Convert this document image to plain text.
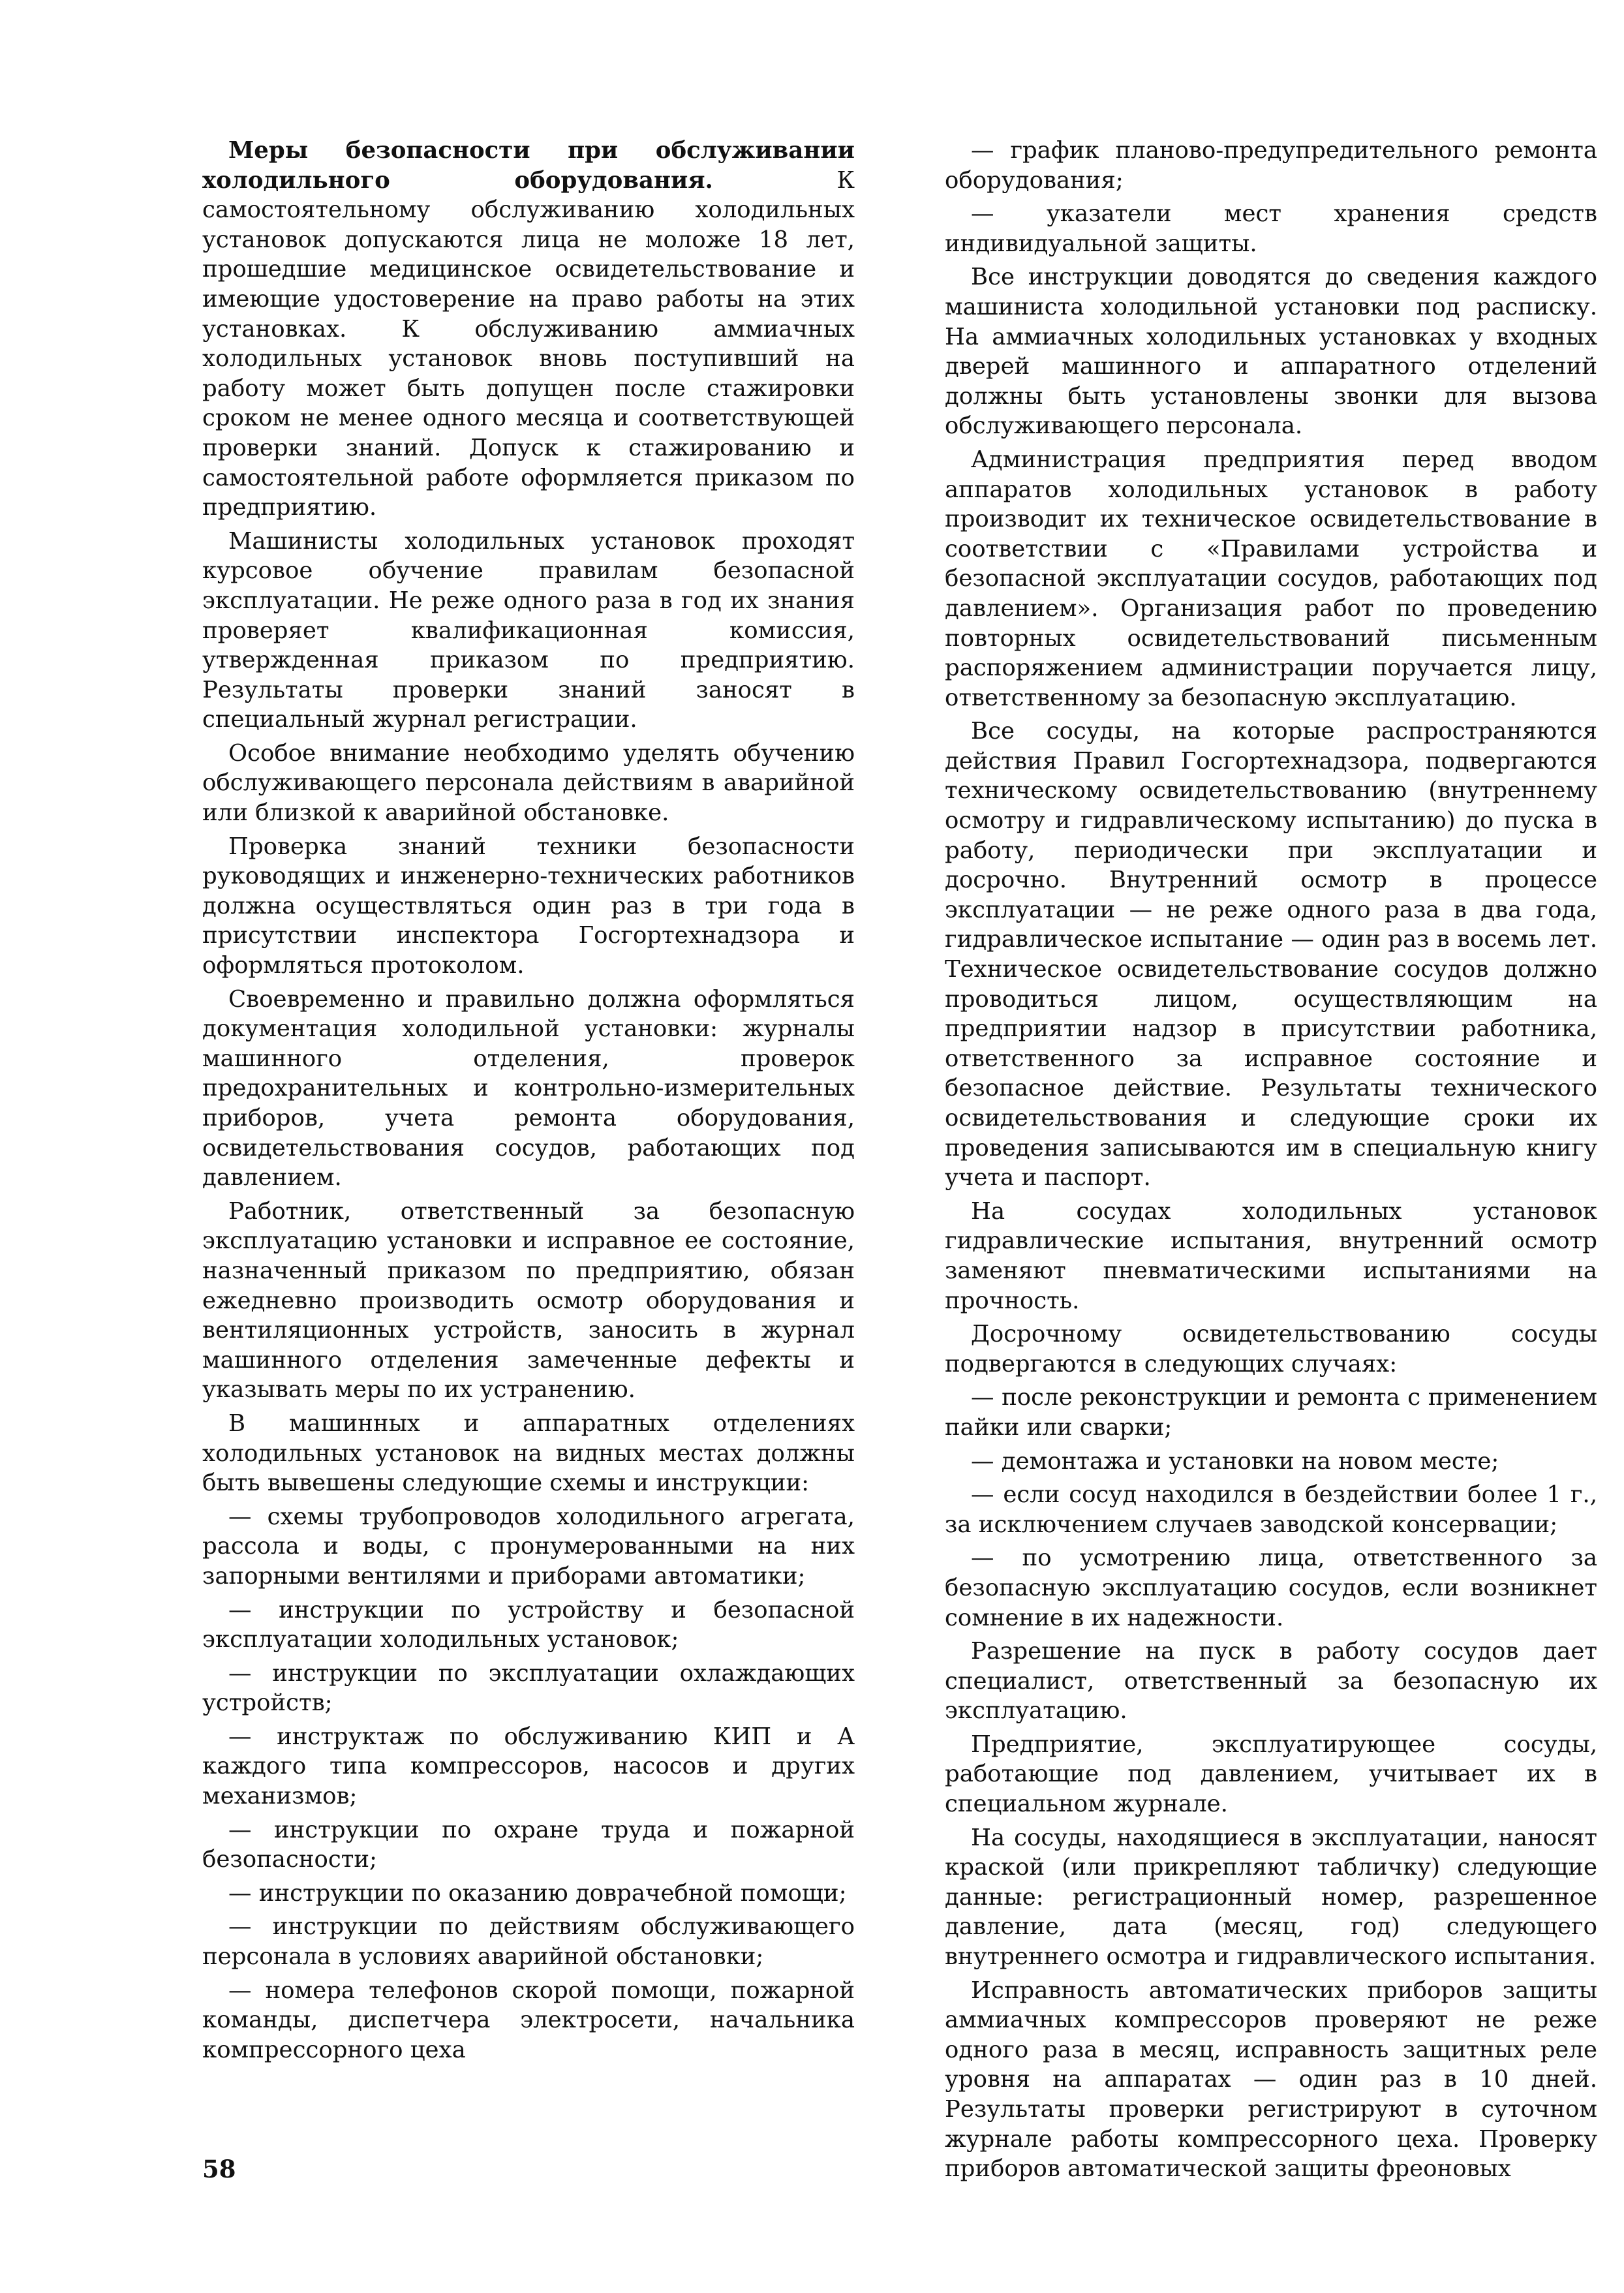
Меры безопасности при обслуживании холодильного оборудования.	К самостоятельному обслуживанию холодильных установок допускаются лица не моложе 18 лет, прошедшие медицинское освидетельствование и имеющие удостоверение на право работы на этих установках. К обслуживанию аммиачных холодильных установок вновь поступивший на работу может быть допущен после стажировки сроком не менее одного месяца и соответствующей проверки знаний. Допуск к стажированию и самостоятельной работе оформляется приказом по предприятию.

Машинисты холодильных установок проходят курсовое обучение правилам безопасной эксплуатации. Не реже одного раза в год их знания проверяет квалификационная комиссия, утвержденная приказом по предприятию. Результаты проверки знаний заносят в специальный журнал регистрации.

Особое внимание необходимо уделять обучению обслуживающего персонала действиям в аварийной или близкой к аварийной обстановке.

Проверка знаний техники безопасности руководящих и инженерно-технических работников должна осуществляться один раз в три года в присутствии инспектора Госгортехнадзора и оформляться протоколом.

Своевременно и правильно должна оформляться документация холодильной установки: журналы машинного отделения, проверок предохранительных и контрольно-измерительных приборов, учета ремонта оборудования, освидетельствования сосудов, работающих под давлением.

Работник, ответственный за безопасную эксплуатацию установки и исправное ее состояние, назначенный приказом по предприятию, обязан ежедневно производить осмотр оборудования и вентиляционных устройств, заносить в журнал машинного отделения замеченные дефекты и указывать меры по их устранению.

В машинных и аппаратных отделениях холодильных установок на видных местах должны быть вывешены следующие схемы и инструкции:

— схемы трубопроводов холодильного агрегата, рассола и воды, с пронумерованными на них запорными вентилями и приборами автоматики;

— инструкции по устройству и безопасной эксплуатации холодильных установок;

— инструкции по эксплуатации охлаждающих устройств;

— инструктаж по обслуживанию КИП и А каждого типа компрессоров, насосов и других механизмов;

— инструкции по охране труда и пожарной безопасности;

— инструкции по оказанию доврачебной помощи;

— инструкции по действиям обслуживающего персонала в условиях аварийной обстановки;

— номера телефонов скорой помощи, пожарной команды, диспетчера электросети, начальника компрессорного цеха

— график планово-предупредительного ремонта оборудования;

— указатели мест хранения средств индивидуальной защиты.

Все инструкции доводятся до сведения каждого машиниста холодильной установки под расписку. На аммиачных холодильных установках у входных дверей машинного и аппаратного отделений должны быть установлены звонки для вызова обслуживающего персонала.

Администрация предприятия перед вводом аппаратов холодильных установок в работу производит их техническое освидетельствование в соответствии с «Правилами устройства и безопасной эксплуатации сосудов, работающих под давлением». Организация работ по проведению повторных освидетельствований письменным распоряжением администрации поручается лицу, ответственному за безопасную эксплуатацию.

Все сосуды, на которые распространяются действия Правил Госгортехнадзора, подвергаются техническому освидетельствованию (внутреннему осмотру и гидравлическому испытанию) до пуска в работу, периодически при эксплуатации и досрочно. Внутренний осмотр в процессе эксплуатации — не реже одного раза в два года, гидравлическое испытание — один раз в восемь лет. Техническое освидетельствование сосудов должно проводиться лицом, осуществляющим на предприятии надзор в присутствии работника, ответственного за исправное состояние и безопасное действие. Результаты технического освидетельствования и следующие сроки их проведения записываются им в специальную книгу учета и паспорт.

На сосудах холодильных установок гидравлические испытания, внутренний осмотр заменяют пневматическими испытаниями на прочность.

Досрочному освидетельствованию сосуды подвергаются в следующих случаях:

— после реконструкции и ремонта с применением пайки или сварки;

— демонтажа и установки на новом месте;

— если сосуд находился в бездействии более 1 г., за исключением случаев заводской консервации;

— по усмотрению лица, ответственного за безопасную эксплуатацию сосудов, если возникнет сомнение в их надежности.

Разрешение на пуск в работу сосудов дает специалист, ответственный за безопасную их эксплуатацию.

Предприятие, эксплуатирующее сосуды, работающие под давлением, учитывает их в специальном журнале.

На сосуды, находящиеся в эксплуатации, наносят краской (или прикрепляют табличку) следующие данные: регистрационный номер, разрешенное давление, дата (месяц, год) следующего внутреннего осмотра и гидравлического испытания.

Исправность автоматических приборов защиты аммиачных компрессоров проверяют не реже одного раза в месяц, исправность защитных реле уровня на аппаратах — один раз в 10 дней. Результаты проверки регистрируют в суточном журнале работы компрессорного цеха. Проверку приборов автоматической защиты фреоновых

58
